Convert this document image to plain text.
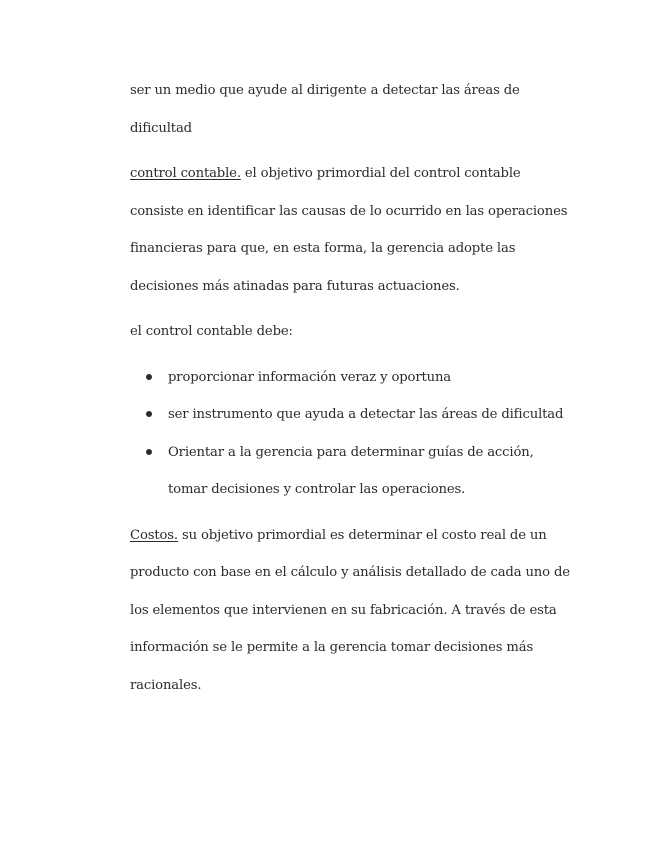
ser un medio que ayude al dirigente a detectar las áreas de dificultad

control contable. el objetivo primordial del control contable consiste en identificar las causas de lo ocurrido en las operaciones financieras para que, en esta forma, la gerencia adopte las decisiones más atinadas para futuras actuaciones.

el control contable debe:

proporcionar información veraz y oportuna
ser instrumento que ayuda a detectar las áreas de dificultad
Orientar a la gerencia para determinar guías de acción, tomar decisiones y controlar las operaciones.

Costos. su objetivo primordial es determinar el costo real de un producto con base en el cálculo y análisis detallado de cada uno de los elementos que intervienen en su fabricación. A través de esta información se le permite a la gerencia tomar decisiones más racionales.
